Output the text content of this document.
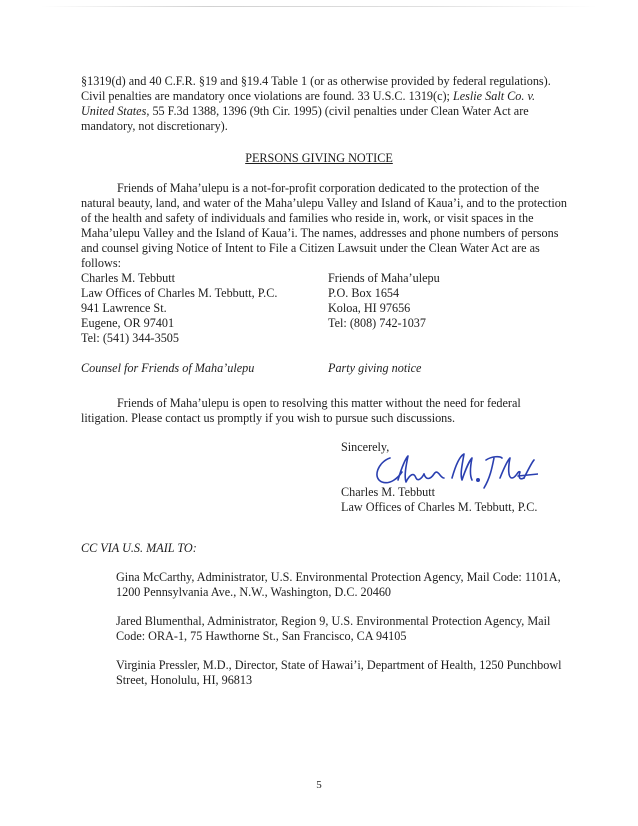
§1319(d) and 40 C.F.R. §19 and §19.4 Table 1 (or as otherwise provided by federal regulations).
Civil penalties are mandatory once violations are found. 33 U.S.C. 1319(c); Leslie Salt Co. v.
United States, 55 F.3d 1388, 1396 (9th Cir. 1995) (civil penalties under Clean Water Act are
mandatory, not discretionary).

PERSONS GIVING NOTICE

Friends of Maha’ulepu is a not-for-profit corporation dedicated to the protection of the natural beauty, land, and water of the Maha’ulepu Valley and Island of Kaua’i, and to the protection of the health and safety of individuals and families who reside in, work, or visit spaces in the Maha’ulepu Valley and the Island of Kaua’i. The names, addresses and phone numbers of persons and counsel giving Notice of Intent to File a Citizen Lawsuit under the Clean Water Act are as follows:

Charles M. Tebbutt
Law Offices of Charles M. Tebbutt, P.C.
941 Lawrence St.
Eugene, OR 97401
Tel: (541) 344-3505
Counsel for Friends of Maha’ulepu
Friends of Maha’ulepu
P.O. Box 1654
Koloa, HI 97656
Tel: (808) 742-1037
Party giving notice

Friends of Maha’ulepu is open to resolving this matter without the need for federal litigation. Please contact us promptly if you wish to pursue such discussions.

Sincerely,
Charles M. Tebbutt
Law Offices of Charles M. Tebbutt, P.C.
CC VIA U.S. MAIL TO:

Gina McCarthy, Administrator, U.S. Environmental Protection Agency, Mail Code: 1101A, 1200 Pennsylvania Ave., N.W., Washington, D.C. 20460

Jared Blumenthal, Administrator, Region 9, U.S. Environmental Protection Agency, Mail Code: ORA-1, 75 Hawthorne St., San Francisco, CA 94105

Virginia Pressler, M.D., Director, State of Hawai’i, Department of Health, 1250 Punchbowl Street, Honolulu, HI, 96813

5
